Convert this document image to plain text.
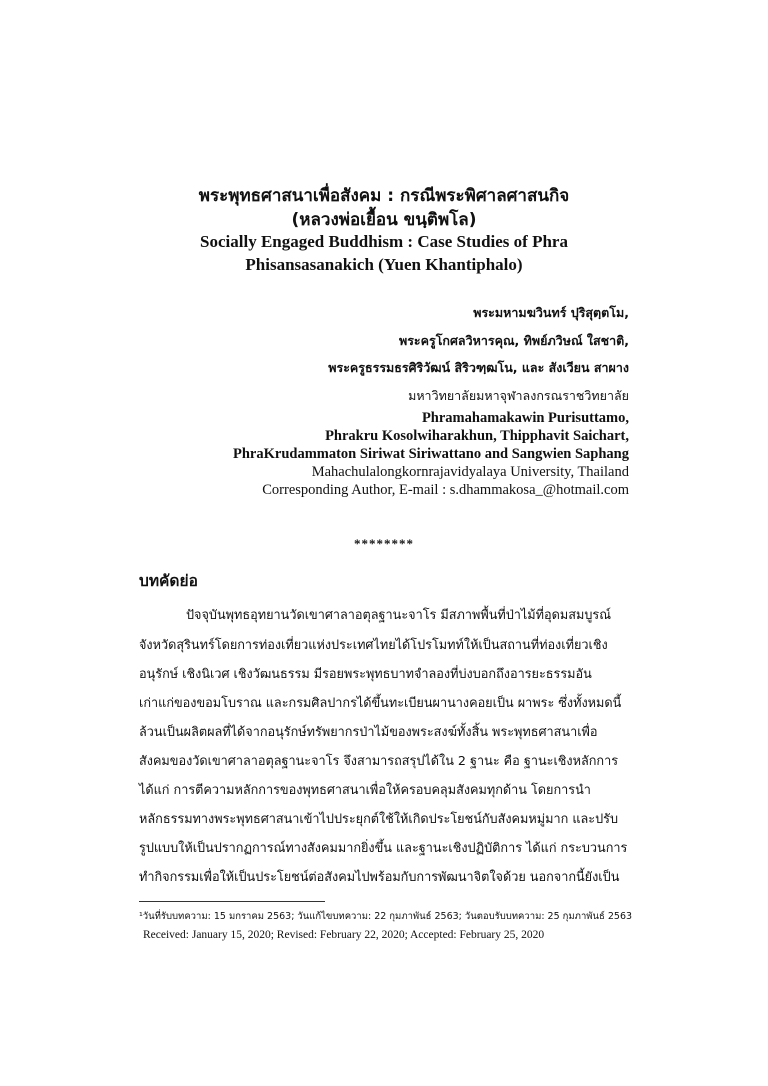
พระพุทธศาสนาเพื่อสังคม : กรณีพระพิศาลศาสนกิจ
(หลวงพ่อเยื้อน ขนฺติพโล)
Socially Engaged Buddhism : Case Studies of Phra
Phisansasanakich (Yuen Khantiphalo)
พระมหามฆวินทร์ ปุริสุตฺตโม,
พระครูโกศลวิหารคุณ, ทิพย์ภวิษณ์ ใสชาติ,
พระครูธรรมธรศิริวัฒน์ สิริวฑฺฒโน, และ สังเวียน สาผาง
มหาวิทยาลัยมหาจุฬาลงกรณราชวิทยาลัย
Phramahamakawin Purisuttamo,
Phrakru Kosolwiharakhun, Thipphavit Saichart,
PhraKrudammaton Siriwat Siriwattano and Sangwien Saphang
Mahachulalongkornrajavidyalaya University, Thailand
Corresponding Author, E-mail : s.dhammakosa_@hotmail.com
********
บทคัดย่อ
ปัจจุบันพุทธอุทยานวัดเขาศาลาอตุลฐานะจาโร มีสภาพพื้นที่ป่าไม้ที่อุดมสมบูรณ์
จังหวัดสุรินทร์โดยการท่องเที่ยวแห่งประเทศไทยได้โปรโมทท์ให้เป็นสถานที่ท่องเที่ยวเชิง
อนุรักษ์ เชิงนิเวศ เชิงวัฒนธรรม มีรอยพระพุทธบาทจำลองที่บ่งบอกถึงอารยะธรรมอัน
เก่าแก่ของขอมโบราณ และกรมศิลปากรได้ขึ้นทะเบียนผานางคอยเป็น ผาพระ ซึ่งทั้งหมดนี้
ล้วนเป็นผลิตผลที่ได้จากอนุรักษ์ทรัพยากรป่าไม้ของพระสงฆ์ทั้งสิ้น พระพุทธศาสนาเพื่อ
สังคมของวัดเขาศาลาอตุลฐานะจาโร จึงสามารถสรุปได้ใน 2 ฐานะ คือ ฐานะเชิงหลักการ
ได้แก่ การตีความหลักการของพุทธศาสนาเพื่อให้ครอบคลุมสังคมทุกด้าน โดยการนำ
หลักธรรมทางพระพุทธศาสนาเข้าไปประยุกต์ใช้ให้เกิดประโยชน์กับสังคมหมู่มาก และปรับ
รูปแบบให้เป็นปรากฏการณ์ทางสังคมมากยิ่งขึ้น และฐานะเชิงปฏิบัติการ ได้แก่ กระบวนการ
ทำกิจกรรมเพื่อให้เป็นประโยชน์ต่อสังคมไปพร้อมกับการพัฒนาจิตใจด้วย นอกจากนี้ยังเป็น
¹วันที่รับบทความ: 15 มกราคม 2563; วันแก้ไขบทความ: 22 กุมภาพันธ์ 2563; วันตอบรับบทความ: 25 กุมภาพันธ์ 2563
Received: January 15, 2020; Revised: February 22, 2020; Accepted: February 25, 2020
